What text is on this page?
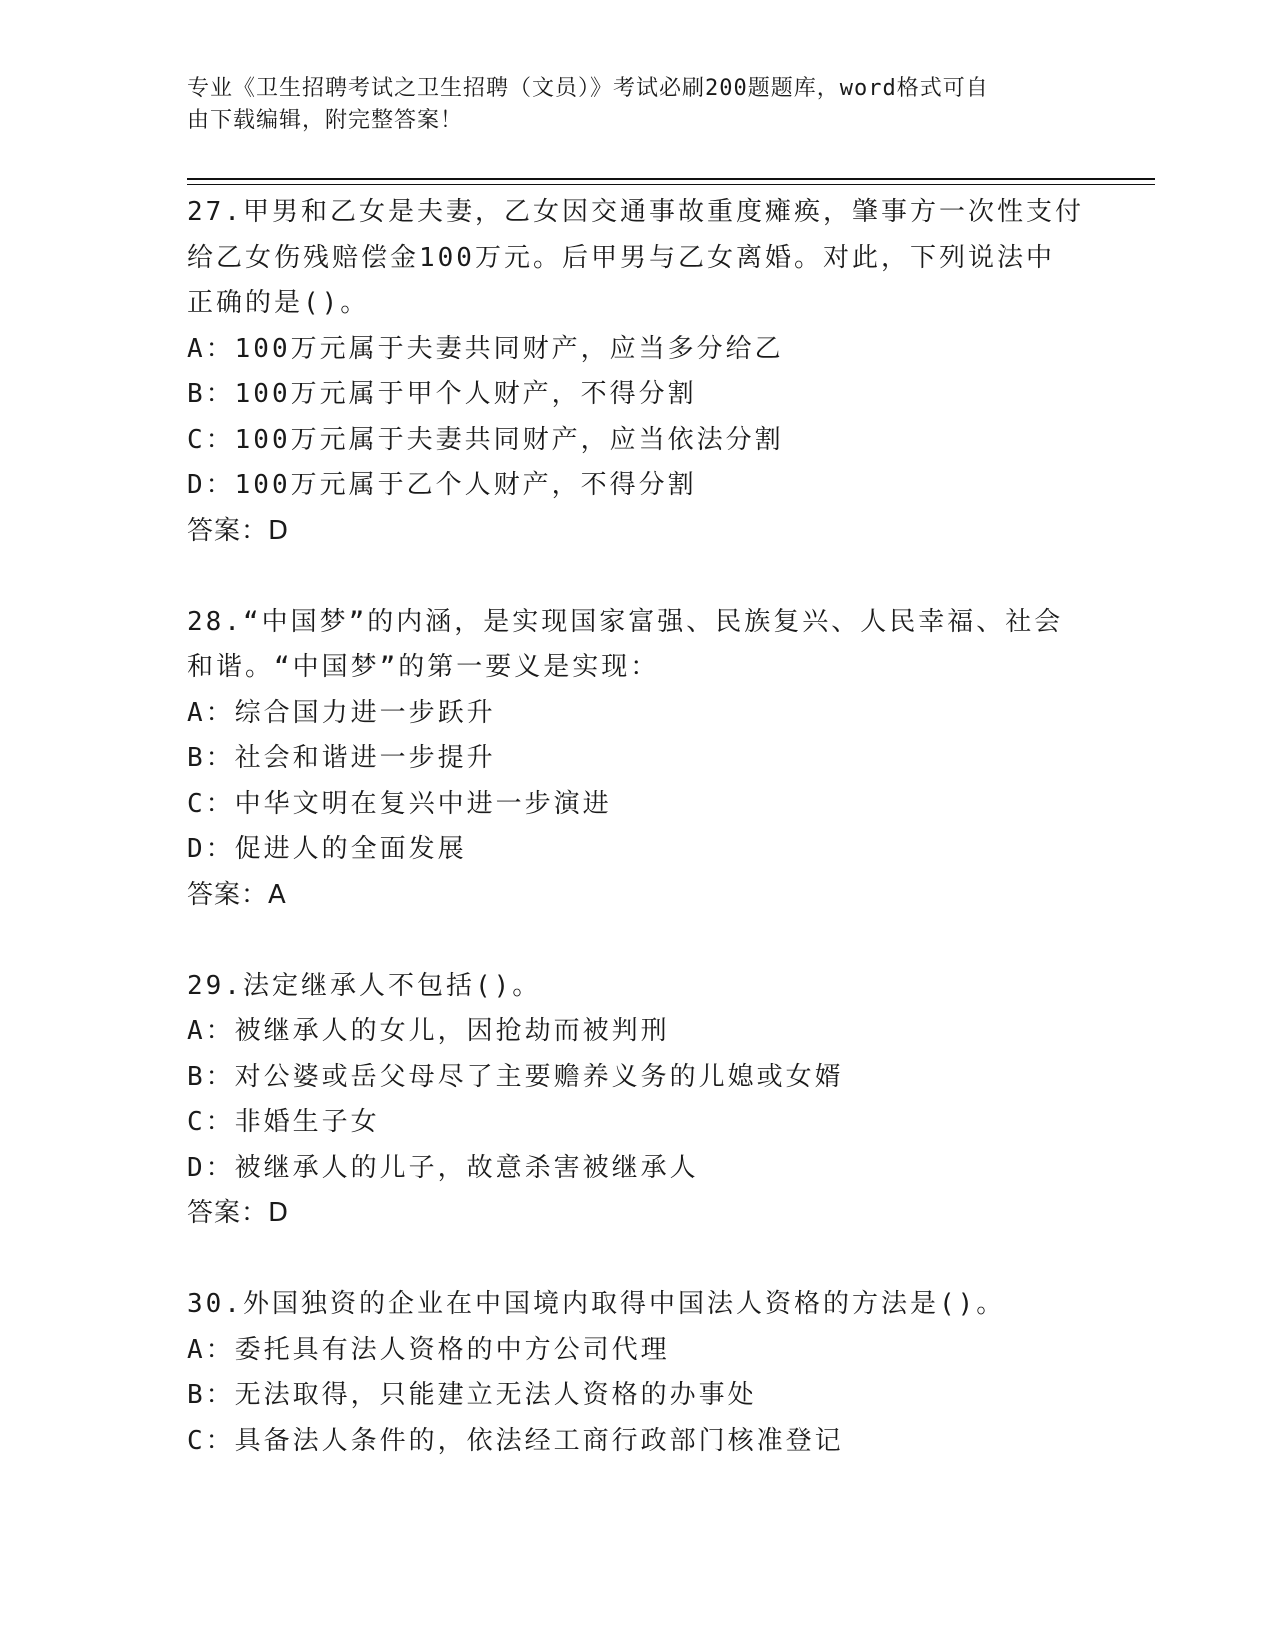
专业《卫生招聘考试之卫生招聘（文员）》考试必刷200题题库，word格式可自
由下载编辑，附完整答案！
27.甲男和乙女是夫妻，乙女因交通事故重度瘫痪，肇事方一次性支付
给乙女伤残赔偿金100万元。后甲男与乙女离婚。对此，下列说法中
正确的是()。
A：100万元属于夫妻共同财产，应当多分给乙
B：100万元属于甲个人财产，不得分割
C：100万元属于夫妻共同财产，应当依法分割
D：100万元属于乙个人财产，不得分割
答案：D
28.“中国梦”的内涵，是实现国家富强、民族复兴、人民幸福、社会
和谐。“中国梦”的第一要义是实现：
A：综合国力进一步跃升
B：社会和谐进一步提升
C：中华文明在复兴中进一步演进
D：促进人的全面发展
答案：A
29.法定继承人不包括()。
A：被继承人的女儿，因抢劫而被判刑
B：对公婆或岳父母尽了主要赡养义务的儿媳或女婿
C：非婚生子女
D：被继承人的儿子，故意杀害被继承人
答案：D
30.外国独资的企业在中国境内取得中国法人资格的方法是()。
A：委托具有法人资格的中方公司代理
B：无法取得，只能建立无法人资格的办事处
C：具备法人条件的，依法经工商行政部门核准登记
